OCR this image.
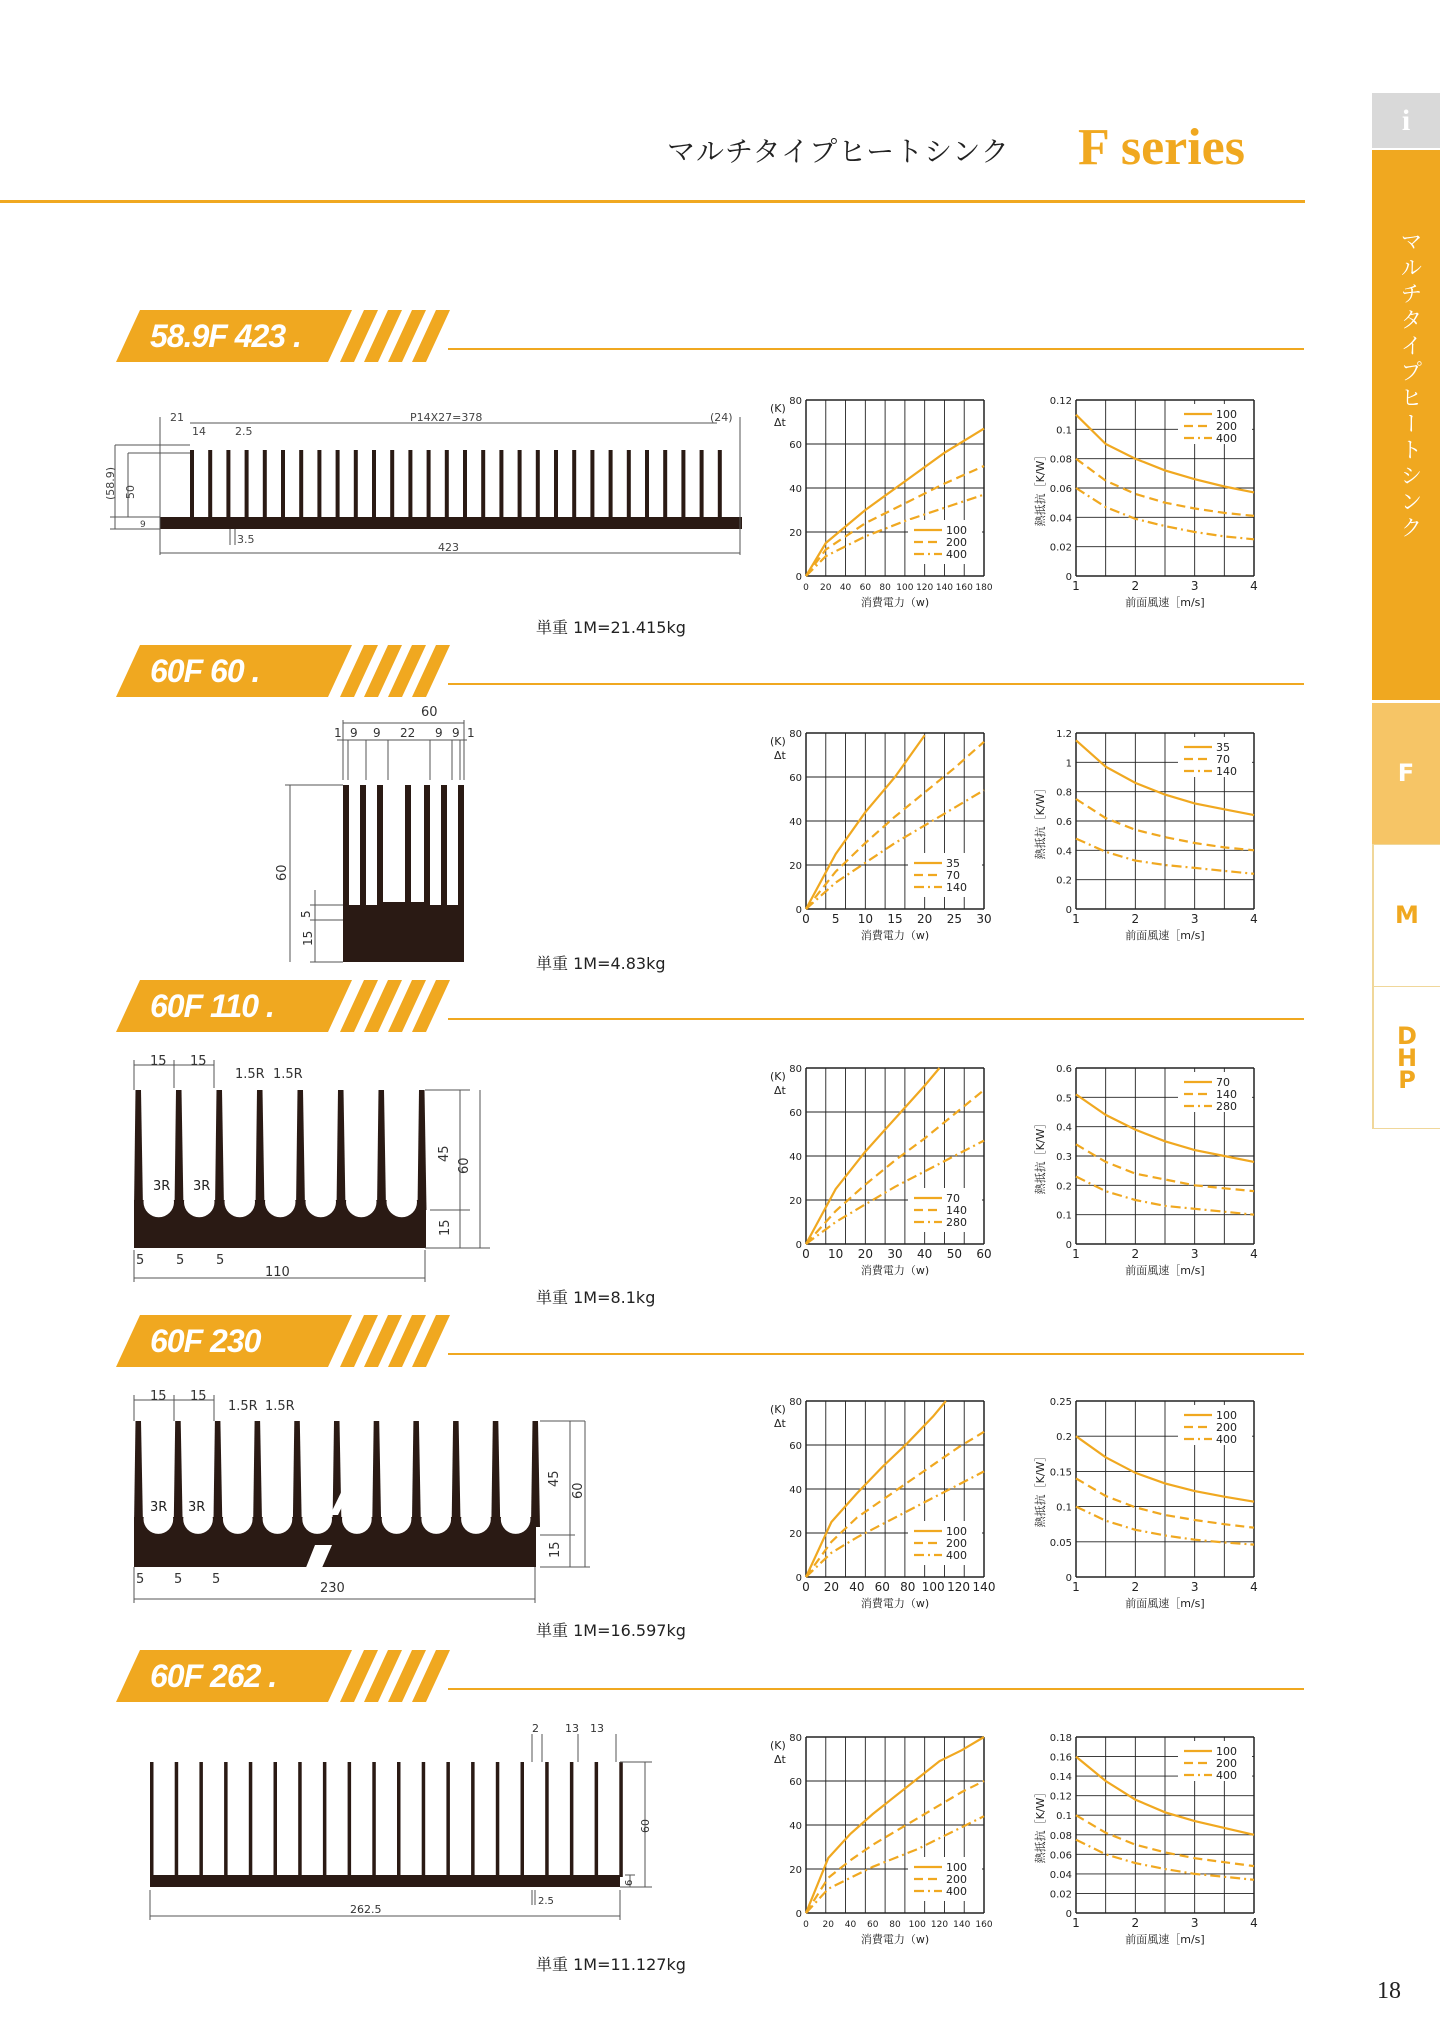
マルチタイプヒートシンク F series	i
マルチタイプヒートシンク
F
M
DHP
18
58.9F 423 .
単重 1M=21.415kg
60F 60 .
単重 1M=4.83kg
60F 110 .
単重 1M=8.1kg
60F 230
単重 1M=16.597kg
60F 262 .
単重 1M=11.127kg
21
14	2.5
P14X27=378	(24)
(58.9) 50
9
3.5
423
60
1 9 9 22 9 9 1
60
5
15
15 15
1.5R 1.5R
3R 3R
45
60
15
5 5 5
110
15 15
1.5R 1.5R
3R 3R
45
60
15
5 5 5
230
2 13 13
60
6
262.5
2.5
0
20
40
60
80
0 20 40 60 80 100 120 140 160 180
消費電力（w)
(K)
Δt
100
200
400
0
0.02
0.04
0.06
0.08
0.1
0.12
1	2	3	4
前面風速［m/s]
熱抵抗［K/W］
100
200
400
0
20
40
60
80
0 5 10 15 20 25 30
消費電力（w)
(K)
Δt
35
70
140
0
0.2
0.4
0.6
0.8
1
1.2
1	2	3	4
前面風速［m/s]
熱抵抗［K/W］
35
70
140
0
20
40
60
80
0 10 20 30 40 50 60
消費電力（w)
(K)
Δt
70
140
280
0
0.1
0.2
0.3
0.4
0.5
0.6
1	2	3	4
前面風速［m/s]
熱抵抗［K/W］
70
140
280
0
20
40
60
80
0 20 40 60 80 100 120 140
消費電力（w)
(K)
Δt
100
200
400
0
0.05
0.1
0.15
0.2
0.25
1	2	3	4
前面風速［m/s]
熱抵抗［K/W］
100
200
400
0
20
40
60
80
0 20 40 60 80 100 120 140 160
消費電力（w)
(K)
Δt
100
200
400
0
0.02
0.04
0.06
0.08
0.1
0.12
0.14
0.16
0.18
1	2	3	4
前面風速［m/s]
熱抵抗［K/W］
100
200
400
